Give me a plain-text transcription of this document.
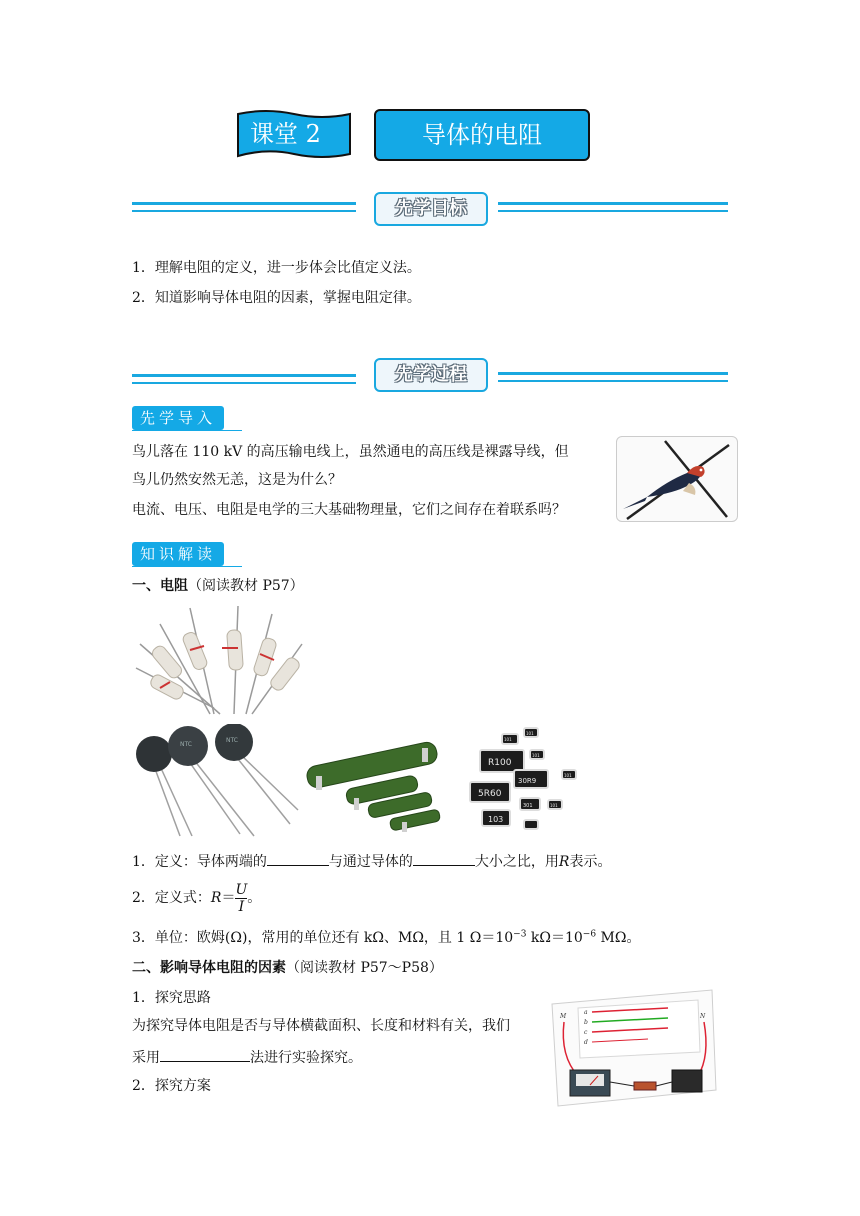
课堂 2	导体的电阻
先学目标
1．理解电阻的定义，进一步体会比值定义法。
2．知道影响导体电阻的因素，掌握电阻定律。
先学过程
先学导入
鸟儿落在 110 kV 的高压输电线上，虽然通电的高压线是裸露导线，但
鸟儿仍然安然无恙，这是为什么？
电流、电压、电阻是电学的三大基础物理量，它们之间存在着联系吗？
知识解读
一、电阻（阅读教材 P57）
NTC
NTC
R100
30R9
5R60
103
301
101
101
101
101
101
1．定义：导体两端的	与通过导体的	大小之比，用R表示。
2．定义式：$R= \frac{U}{I}$ 。
3．单位：欧姆(Ω)，常用的单位还有 kΩ、MΩ，且 1 $\Omega=10^{-3}$ $k\Omega=10^{-6}$ MΩ。
二、影响导体电阻的因素（阅读教材 P57～P58）
1．探究思路
为探究导体电阻是否与导体横截面积、长度和材料有关，我们
采用	法进行实验探究。
2．探究方案
a
b
c
d
M	N
